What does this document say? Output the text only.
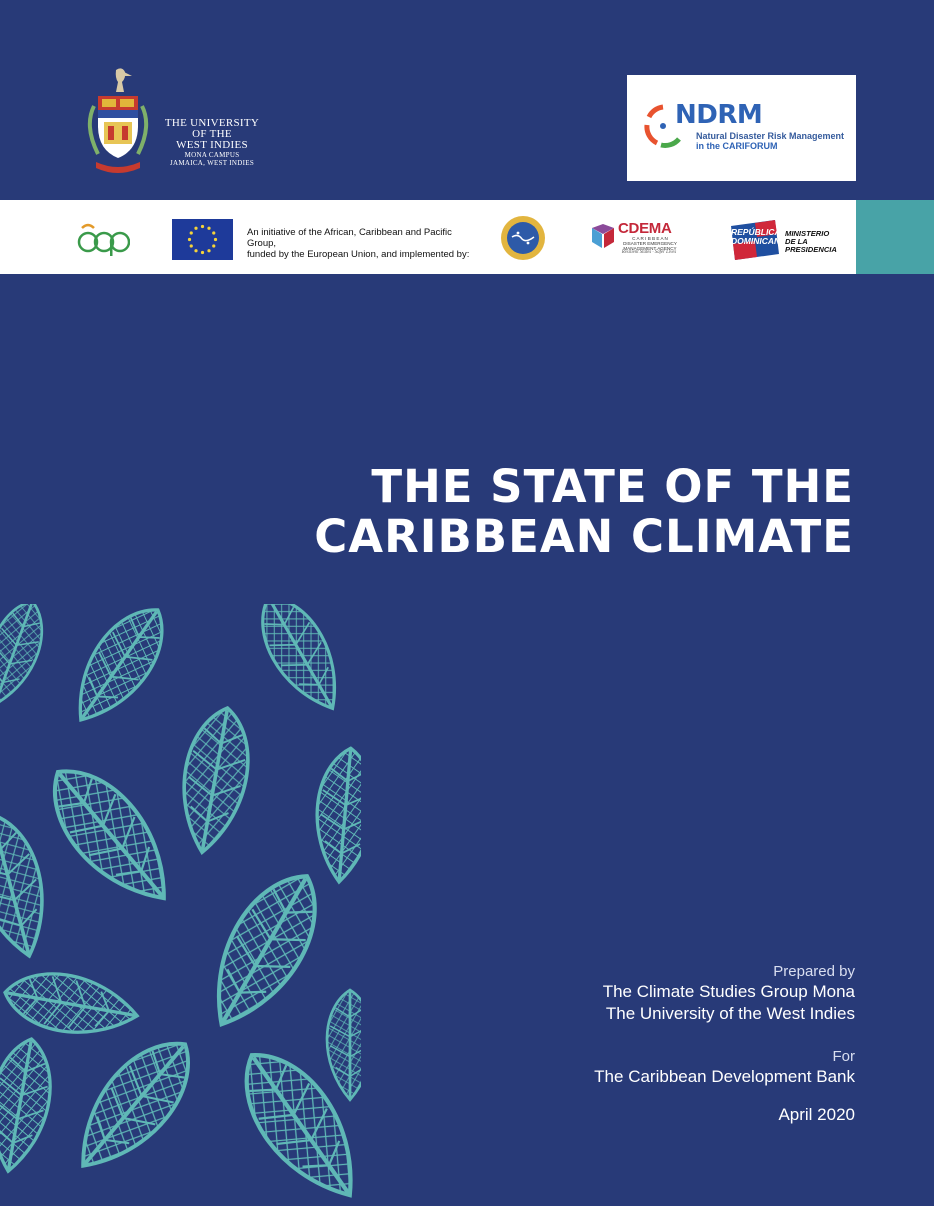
THE UNIVERSITY
OF THE
WEST INDIES
MONA CAMPUS
JAMAICA, WEST INDIES
NDRM
Natural Disaster Risk Management
in the CARIFORUM
An initiative of the African, Caribbean and Pacific Group,
funded by the European Union, and implemented by:
CDEMA
C A R I B B E A N
DISASTER EMERGENCY
MANAGEMENT AGENCY
Resilient States · Safer Lives
REPÚBLICA
DOMINICANA
MINISTERIO
DE LA PRESIDENCIA
THE STATE OF THE
CARIBBEAN CLIMATE
Prepared by
The Climate Studies Group Mona
The University of the West Indies
For
The Caribbean Development Bank
April 2020
